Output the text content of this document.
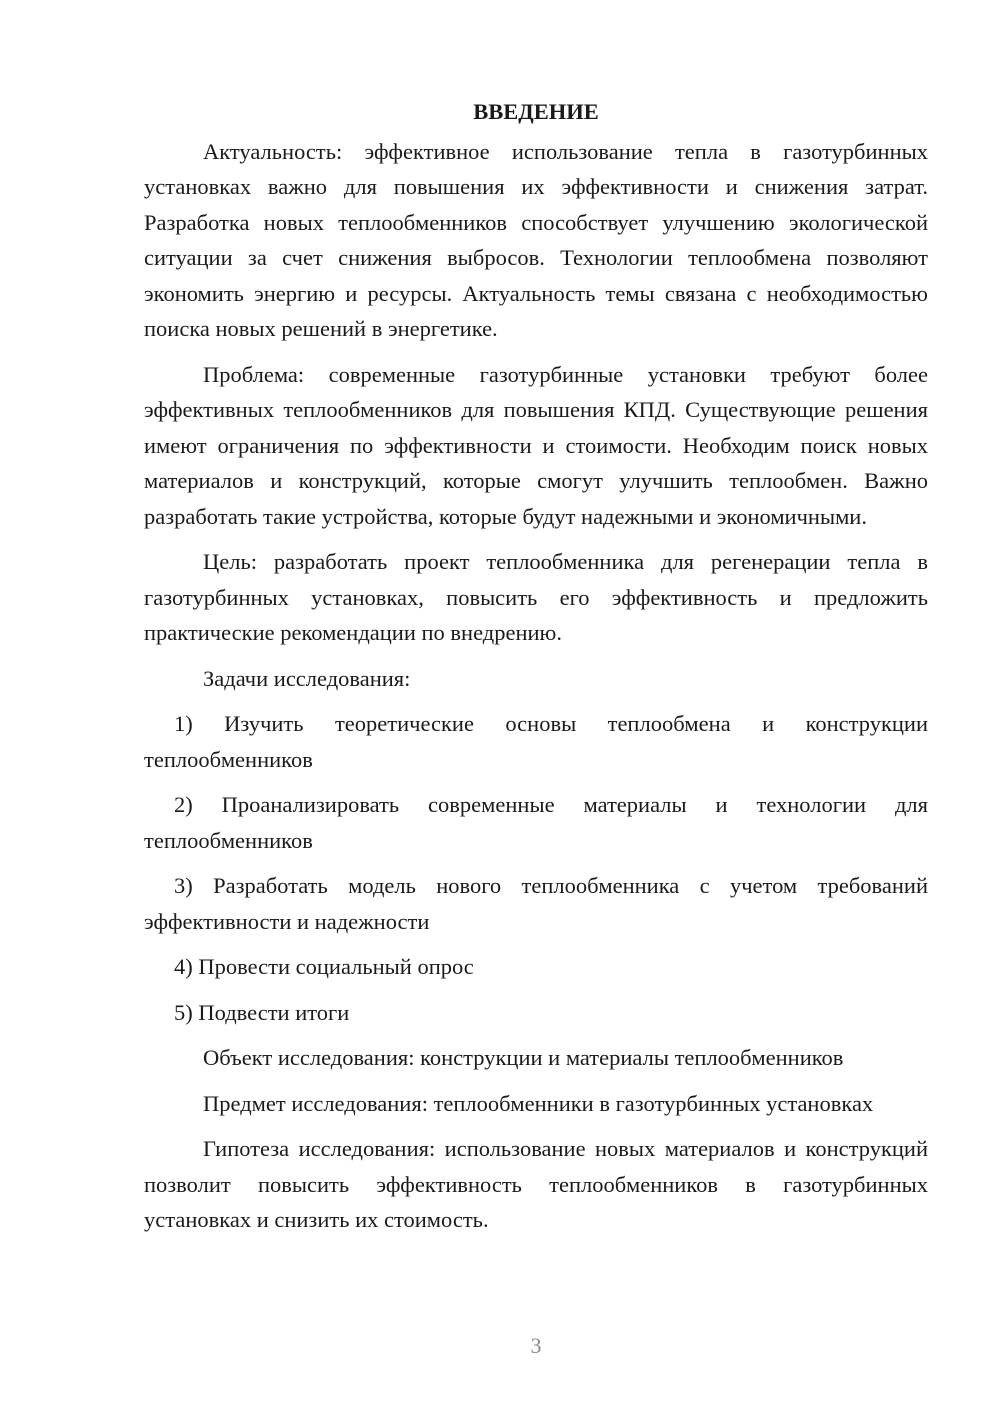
ВВЕДЕНИЕ

Актуальность: эффективное использование тепла в газотурбинных установках важно для повышения их эффективности и снижения затрат. Разработка новых теплообменников способствует улучшению экологической ситуации за счет снижения выбросов. Технологии теплообмена позволяют экономить энергию и ресурсы. Актуальность темы связана с необходимостью поиска новых решений в энергетике.

Проблема: современные газотурбинные установки требуют более эффективных теплообменников для повышения КПД. Существующие решения имеют ограничения по эффективности и стоимости. Необходим поиск новых материалов и конструкций, которые смогут улучшить теплообмен. Важно разработать такие устройства, которые будут надежными и экономичными.

Цель: разработать проект теплообменника для регенерации тепла в газотурбинных установках, повысить его эффективность и предложить практические рекомендации по внедрению.

Задачи исследования:

1) Изучить теоретические основы теплообмена и конструкции теплообменников

2) Проанализировать современные материалы и технологии для теплообменников

3) Разработать модель нового теплообменника с учетом требований эффективности и надежности

4) Провести социальный опрос

5) Подвести итоги

Объект исследования: конструкции и материалы теплообменников

Предмет исследования: теплообменники в газотурбинных установках

Гипотеза исследования: использование новых материалов и конструкций позволит повысить эффективность теплообменников в газотурбинных установках и снизить их стоимость.

3
